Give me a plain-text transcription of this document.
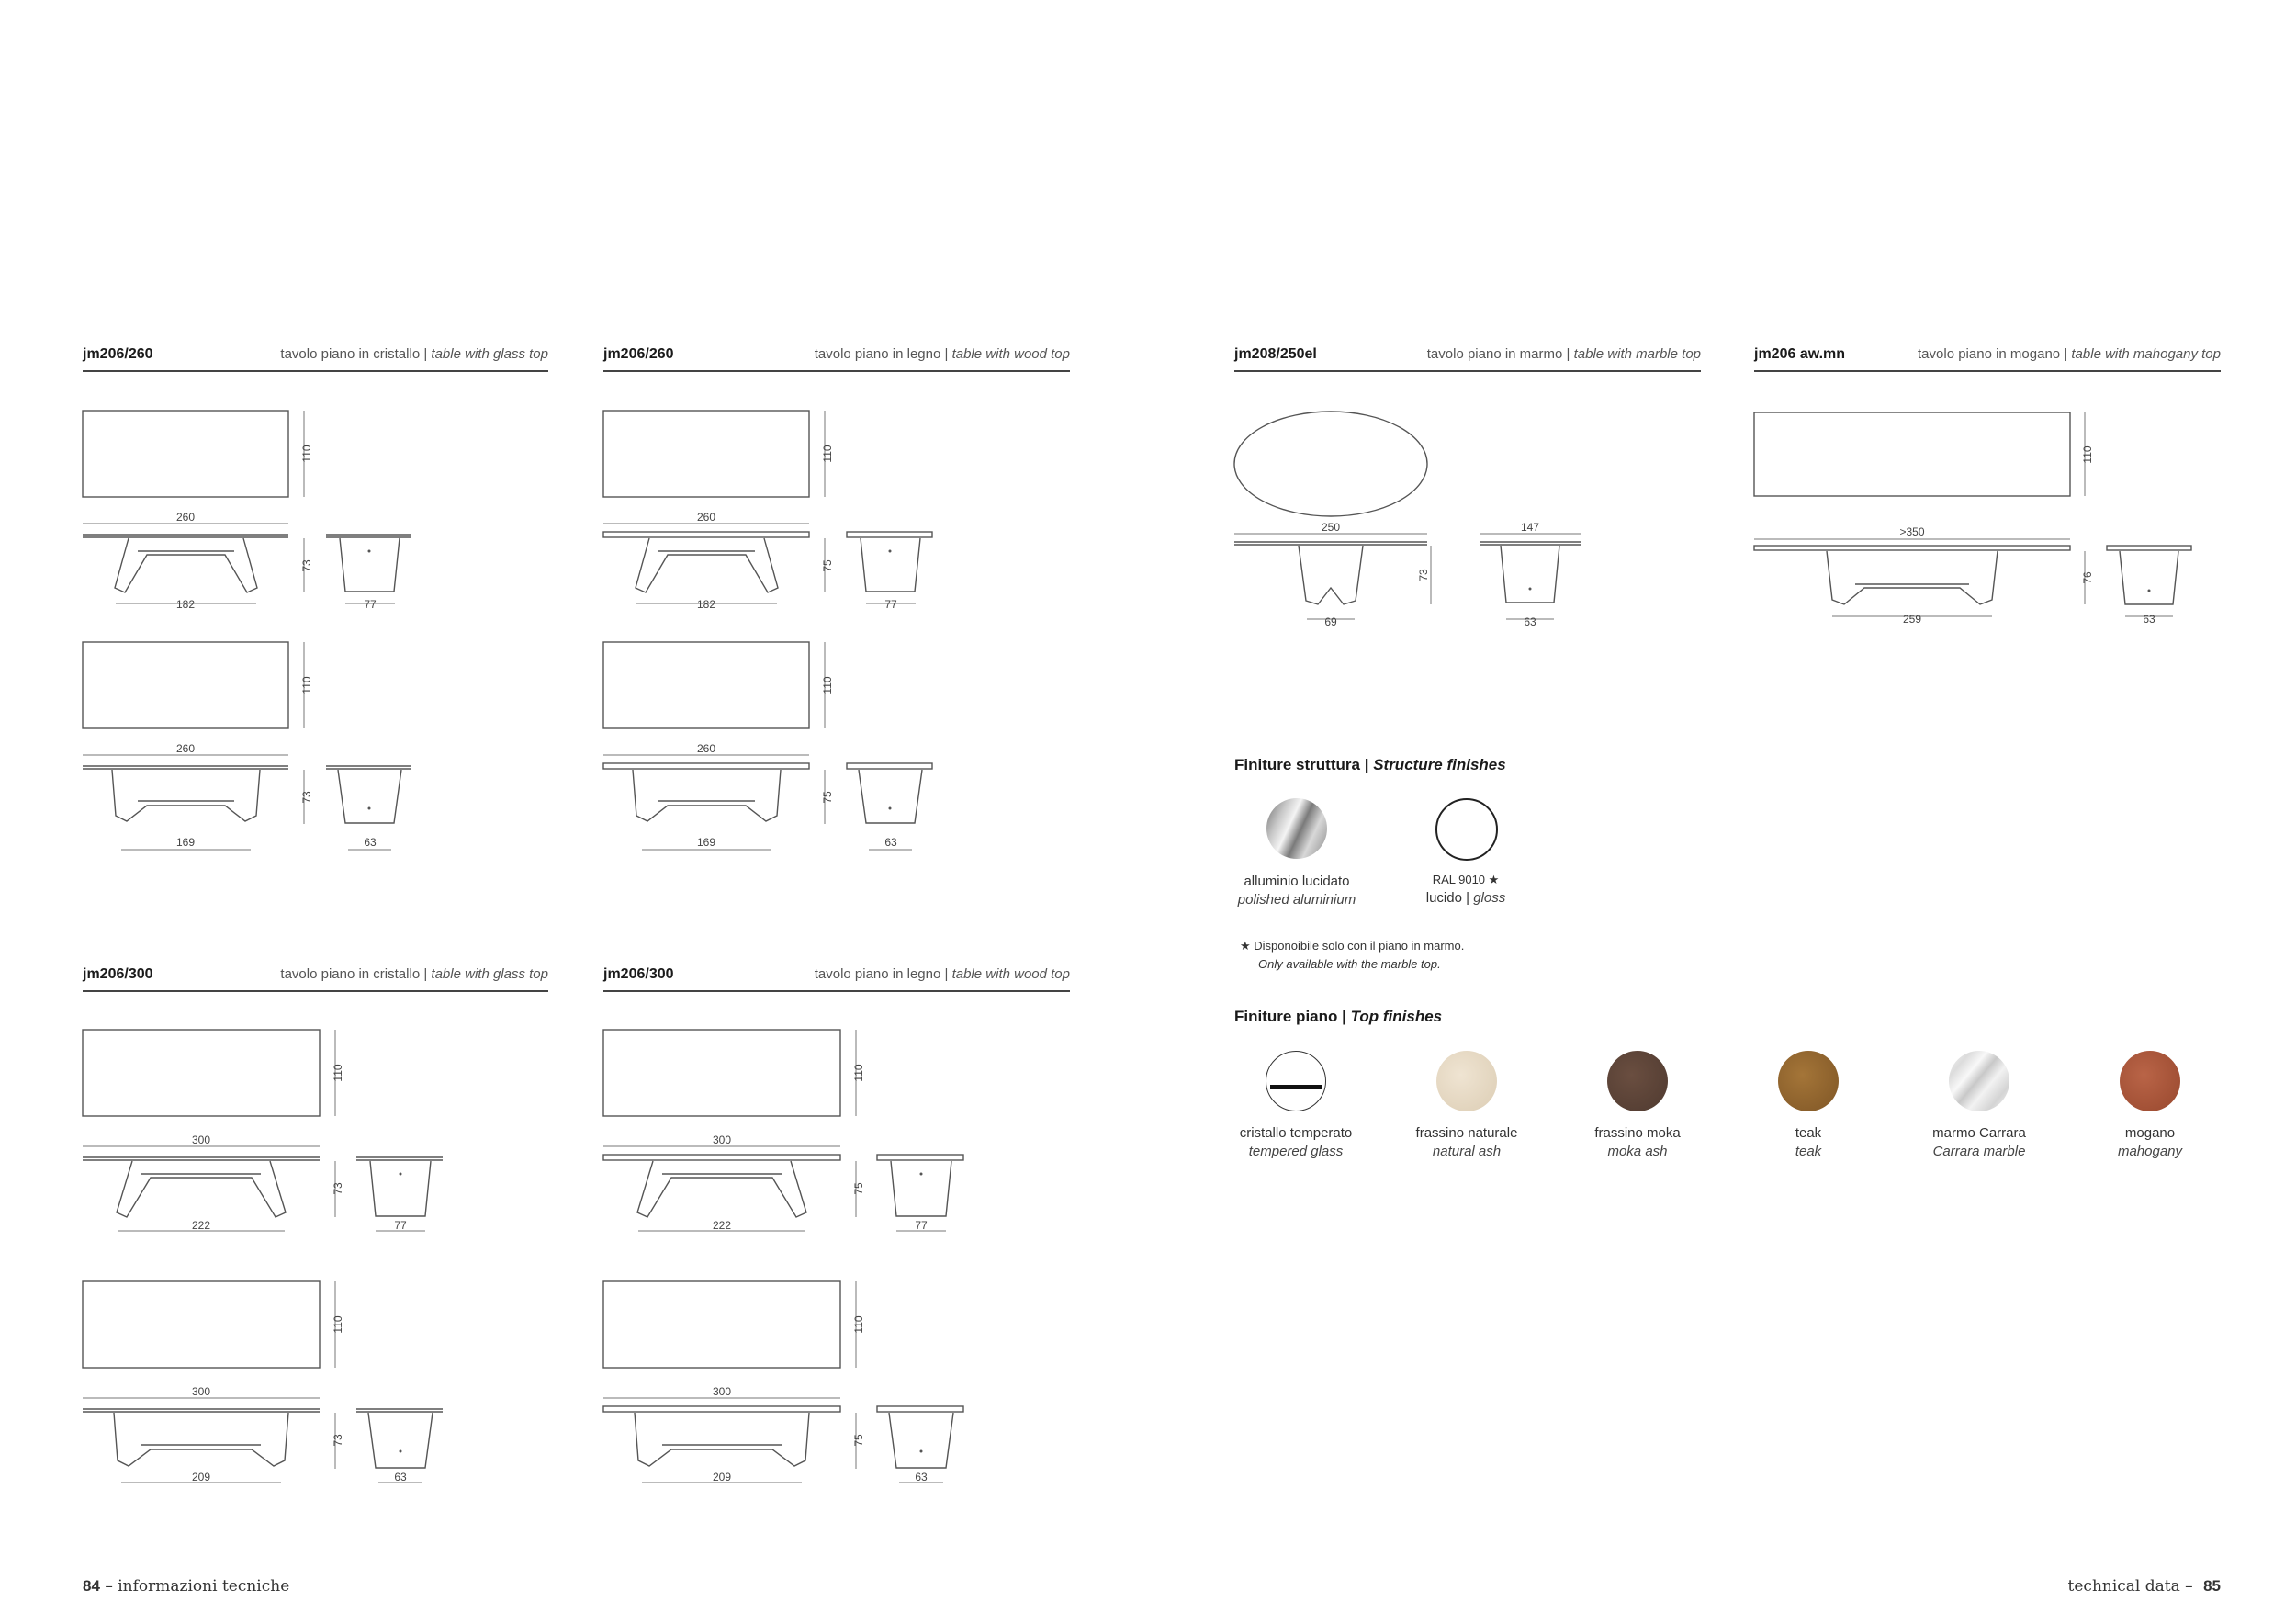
jm206/260	tavolo piano in cristallo | table with glass top	jm206/260	tavolo piano in legno | table with wood top	jm208/250el	tavolo piano in marmo | table with marble top	jm206 aw.mn	tavolo piano in mogano | table with mahogany top
jm206/300	tavolo piano in cristallo | table with glass top	jm206/300	tavolo piano in legno | table with wood top
110
260
73
182	77
110
260
73
169	63
110
260
75
182	77
110
260
75
169	63
110
300
73
222	77
110
300
73
209	63
110
300
75
222	77
110
300
75
209	63
250
73
69
147
63
110
>350
76
259	63
Finiture struttura | Structure finishes
alluminio lucidato
polished aluminium
RAL 9010 ★
lucido | gloss
★ Disponoibile solo con il piano in marmo.
Only available with the marble top.
Finiture piano | Top finishes
cristallo temperato
tempered glass
frassino naturale
natural ash
frassino moka
moka ash
teak
teak
marmo Carrara
Carrara marble
mogano
mahogany
84 – informazioni tecniche	technical data – 85
